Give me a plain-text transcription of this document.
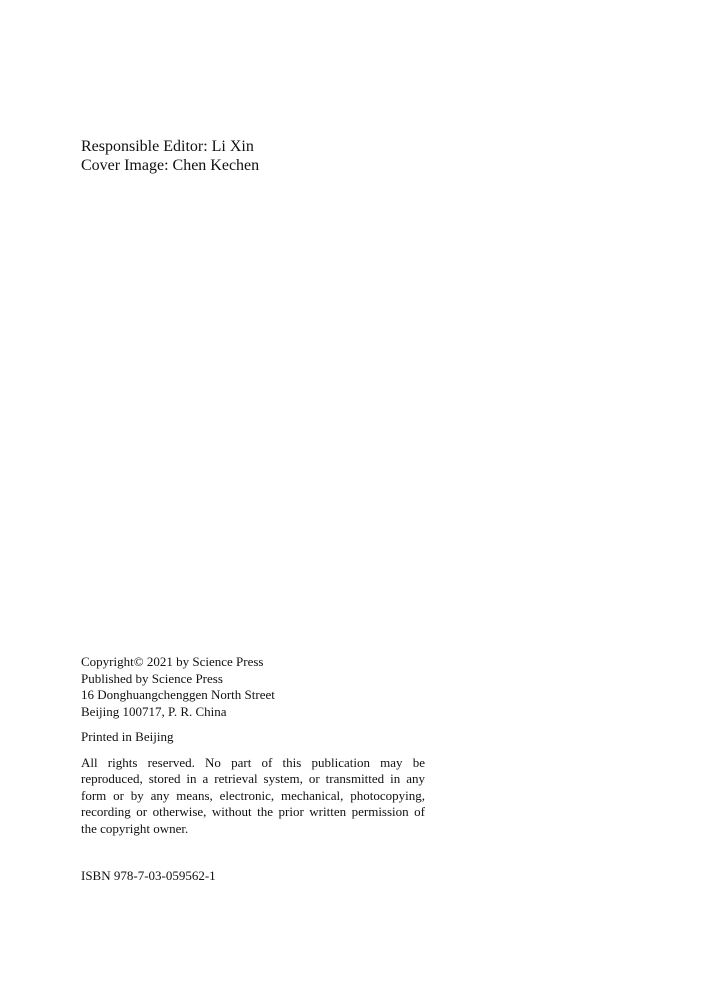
Responsible Editor: Li Xin
Cover Image: Chen Kechen
Copyright© 2021 by Science Press
Published by Science Press
16 Donghuangchenggen North Street
Beijing 100717, P. R. China
Printed in Beijing
All rights reserved. No part of this publication may be reproduced, stored in a retrieval system, or transmitted in any form or by any means, electronic, mechanical, photocopying, recording or otherwise, without the prior written permission of the copyright owner.
ISBN 978-7-03-059562-1
